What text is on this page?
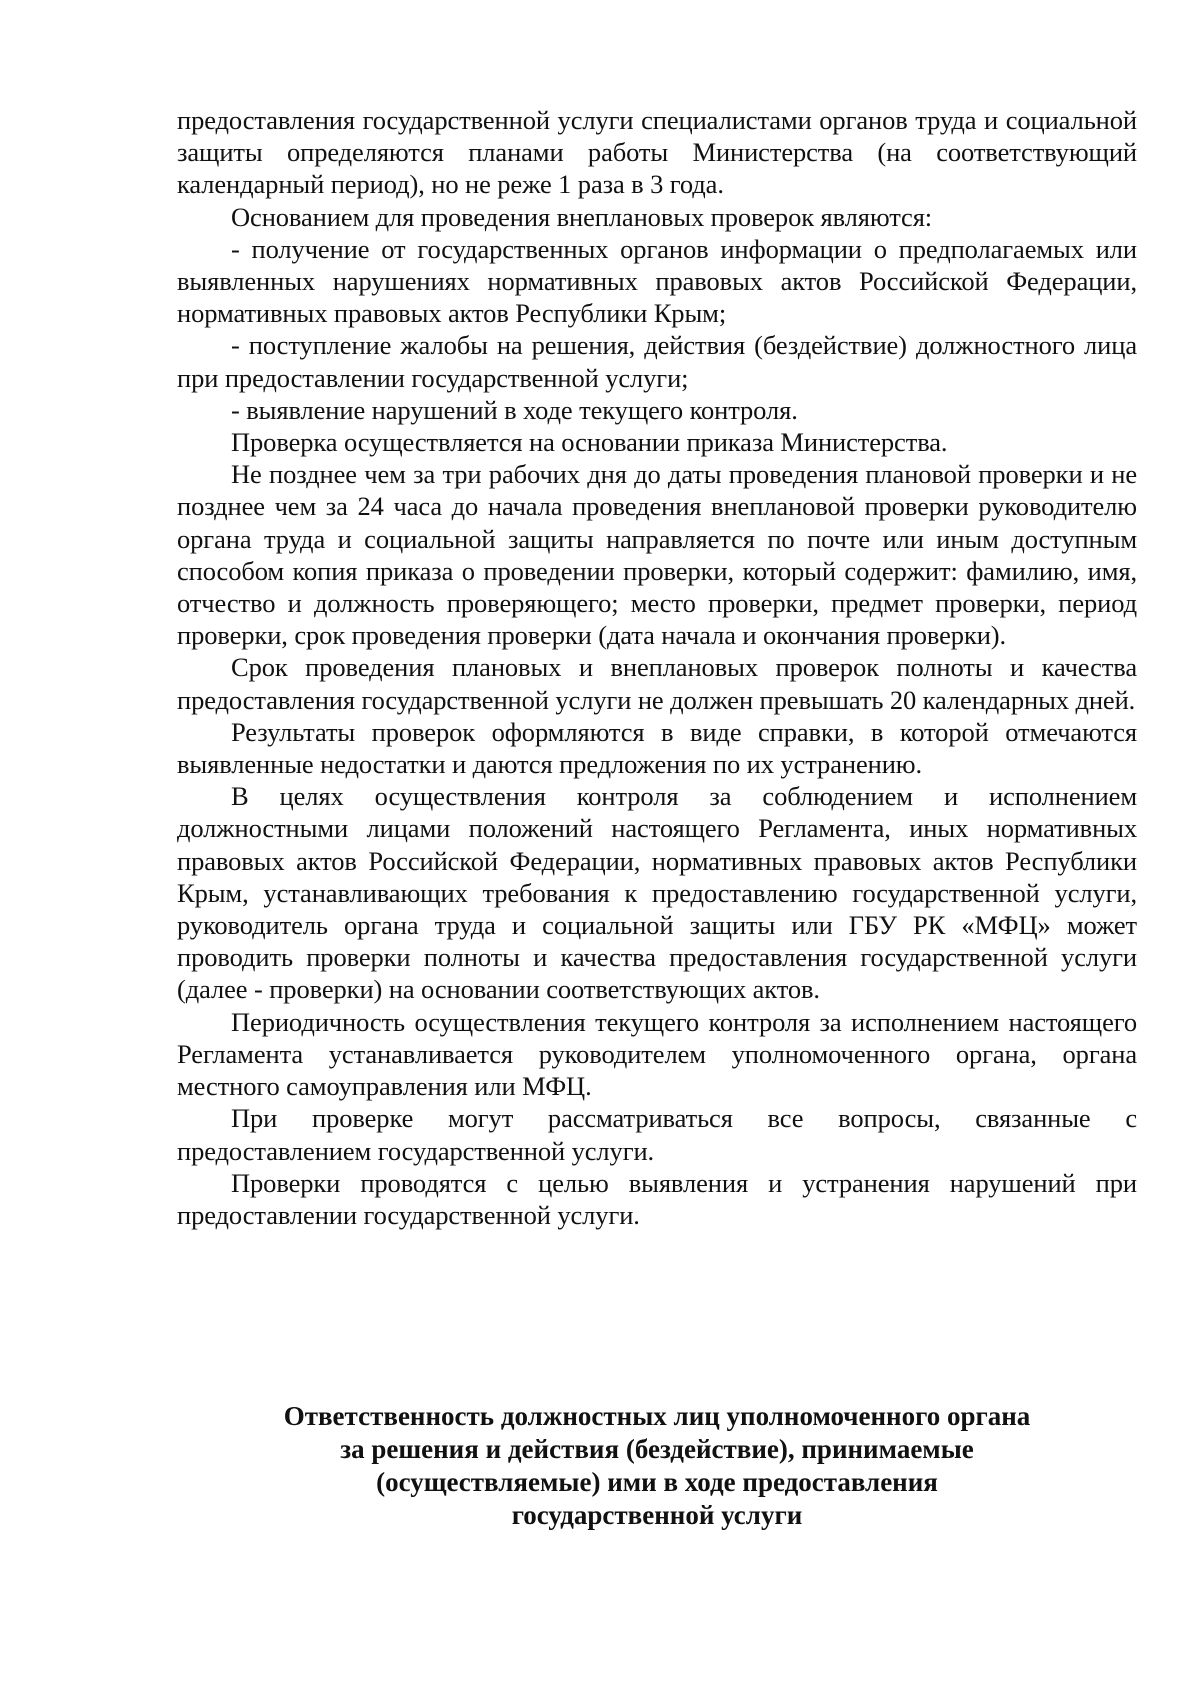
предоставления государственной услуги специалистами органов труда и социальной защиты определяются планами работы Министерства (на соответствующий календарный период), но не реже 1 раза в 3 года.

Основанием для проведения внеплановых проверок являются:

- получение от государственных органов информации о предполагаемых или выявленных нарушениях нормативных правовых актов Российской Федерации, нормативных правовых актов Республики Крым;

- поступление жалобы на решения, действия (бездействие) должностного лица при предоставлении государственной услуги;

- выявление нарушений в ходе текущего контроля.

Проверка осуществляется на основании приказа Министерства.

Не позднее чем за три рабочих дня до даты проведения плановой проверки и не позднее чем за 24 часа до начала проведения внеплановой проверки руководителю органа труда и социальной защиты направляется по почте или иным доступным способом копия приказа о проведении проверки, который содержит: фамилию, имя, отчество и должность проверяющего; место проверки, предмет проверки, период проверки, срок проведения проверки (дата начала и окончания проверки).

Срок проведения плановых и внеплановых проверок полноты и качества предоставления государственной услуги не должен превышать 20 календарных дней.

Результаты проверок оформляются в виде справки, в которой отмечаются выявленные недостатки и даются предложения по их устранению.

В целях осуществления контроля за соблюдением и исполнением должностными лицами положений настоящего Регламента, иных нормативных правовых актов Российской Федерации, нормативных правовых актов Республики Крым, устанавливающих требования к предоставлению государственной услуги, руководитель органа труда и социальной защиты или ГБУ РК «МФЦ» может проводить проверки полноты и качества предоставления государственной услуги (далее - проверки) на основании соответствующих актов.

Периодичность осуществления текущего контроля за исполнением настоящего Регламента устанавливается руководителем уполномоченного органа, органа местного самоуправления или МФЦ.

При проверке могут рассматриваться все вопросы, связанные с предоставлением государственной услуги.

Проверки проводятся с целью выявления и устранения нарушений при предоставлении государственной услуги.

Ответственность должностных лиц уполномоченного органа
за решения и действия (бездействие), принимаемые
(осуществляемые) ими в ходе предоставления
государственной услуги
